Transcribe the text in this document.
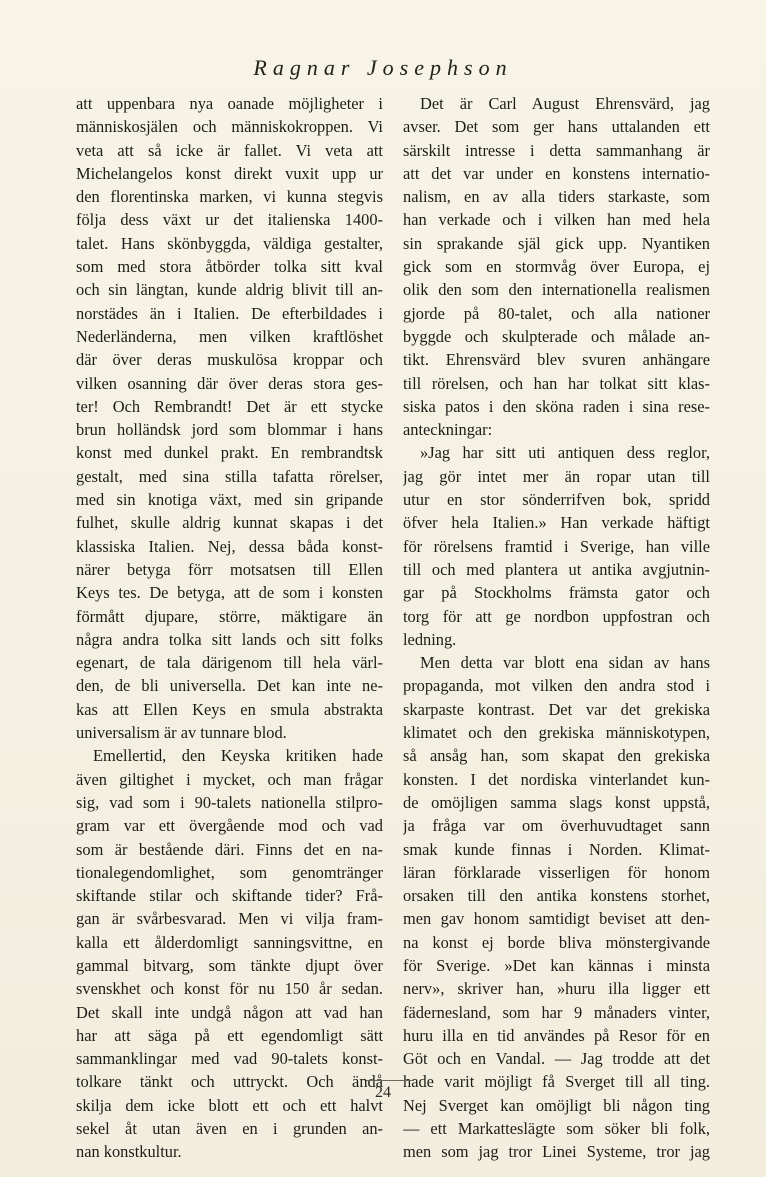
Ragnar Josephson
att uppenbara nya oanade möjligheter i
människosjälen och människokroppen. Vi
veta att så icke är fallet. Vi veta att
Michelangelos konst direkt vuxit upp ur
den florentinska marken, vi kunna stegvis
följa dess växt ur det italienska 1400-
talet. Hans skönbyggda, väldiga gestalter,
som med stora åtbörder tolka sitt kval
och sin längtan, kunde aldrig blivit till an-
norstädes än i Italien. De efterbildades i
Nederländerna, men vilken kraftlöshet
där över deras muskulösa kroppar och
vilken osanning där över deras stora ges-
ter! Och Rembrandt! Det är ett stycke
brun holländsk jord som blommar i hans
konst med dunkel prakt. En rembrandtsk
gestalt, med sina stilla tafatta rörelser,
med sin knotiga växt, med sin gripande
fulhet, skulle aldrig kunnat skapas i det
klassiska Italien. Nej, dessa båda konst-
närer betyga förr motsatsen till Ellen
Keys tes. De betyga, att de som i konsten
förmått djupare, större, mäktigare än
några andra tolka sitt lands och sitt folks
egenart, de tala därigenom till hela värl-
den, de bli universella. Det kan inte ne-
kas att Ellen Keys en smula abstrakta
universalism är av tunnare blod.
Emellertid, den Keyska kritiken hade
även giltighet i mycket, och man frågar
sig, vad som i 90-talets nationella stilpro-
gram var ett övergående mod och vad
som är bestående däri. Finns det en na-
tionalegendomlighet, som genomtränger
skiftande stilar och skiftande tider? Frå-
gan är svårbesvarad. Men vi vilja fram-
kalla ett ålderdomligt sanningsvittne, en
gammal bitvarg, som tänkte djupt över
svenskhet och konst för nu 150 år sedan.
Det skall inte undgå någon att vad han
har att säga på ett egendomligt sätt
sammanklingar med vad 90-talets konst-
tolkare tänkt och uttryckt. Och ändå
skilja dem icke blott ett och ett halvt
sekel åt utan även en i grunden an-
nan konstkultur.
Det är Carl August Ehrensvärd, jag
avser. Det som ger hans uttalanden ett
särskilt intresse i detta sammanhang är
att det var under en konstens internatio-
nalism, en av alla tiders starkaste, som
han verkade och i vilken han med hela
sin sprakande själ gick upp. Nyantiken
gick som en stormvåg över Europa, ej
olik den som den internationella realismen
gjorde på 80-talet, och alla nationer
byggde och skulpterade och målade an-
tikt. Ehrensvärd blev svuren anhängare
till rörelsen, och han har tolkat sitt klas-
siska patos i den sköna raden i sina rese-
anteckningar:
»Jag har sitt uti antiquen dess reglor,
jag gör intet mer än ropar utan till
utur en stor sönderrifven bok, spridd
öfver hela Italien.» Han verkade häftigt
för rörelsens framtid i Sverige, han ville
till och med plantera ut antika avgjutnin-
gar på Stockholms främsta gator och
torg för att ge nordbon uppfostran och
ledning.
Men detta var blott ena sidan av hans
propaganda, mot vilken den andra stod i
skarpaste kontrast. Det var det grekiska
klimatet och den grekiska människotypen,
så ansåg han, som skapat den grekiska
konsten. I det nordiska vinterlandet kun-
de omöjligen samma slags konst uppstå,
ja fråga var om överhuvudtaget sann
smak kunde finnas i Norden. Klimat-
läran förklarade visserligen för honom
orsaken till den antika konstens storhet,
men gav honom samtidigt beviset att den-
na konst ej borde bliva mönstergivande
för Sverige. »Det kan kännas i minsta
nerv», skriver han, »huru illa ligger ett
fädernesland, som har 9 månaders vinter,
huru illa en tid användes på Resor för en
Göt och en Vandal. — Jag trodde att det
hade varit möjligt få Sverget till all ting.
Nej Sverget kan omöjligt bli någon ting
— ett Markatteslägte som söker bli folk,
men som jag tror Linei Systeme, tror jag
24
